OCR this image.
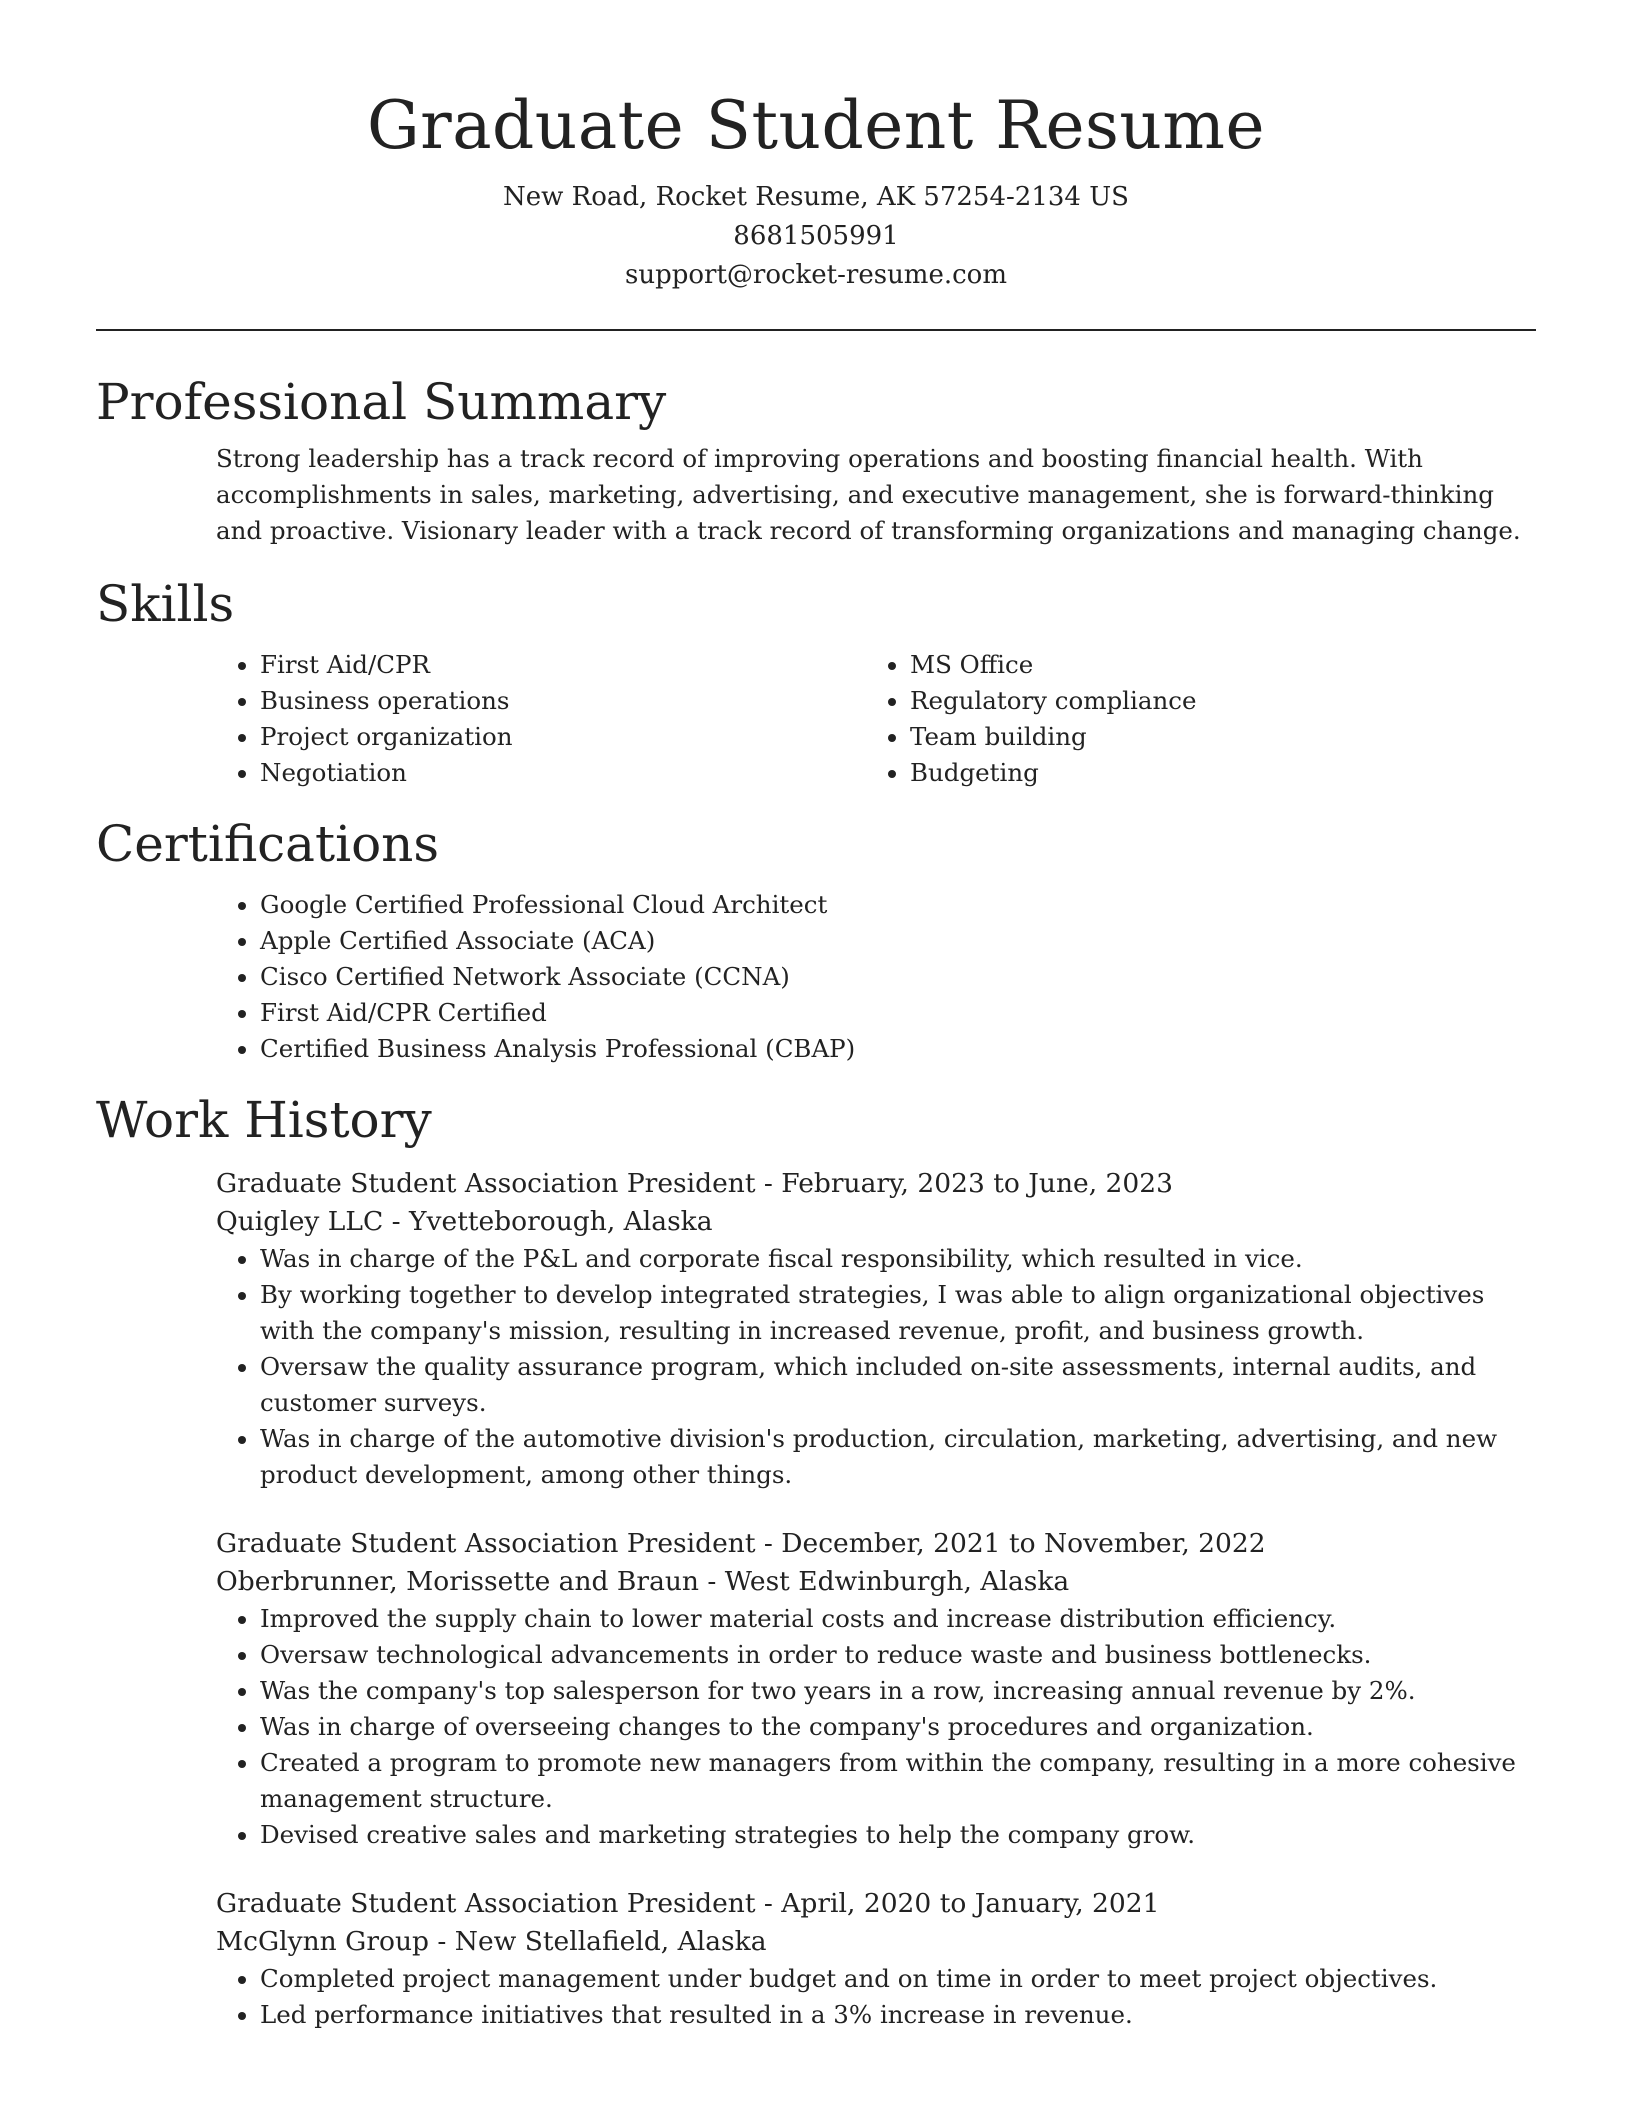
Graduate Student Resume

New Road, Rocket Resume, AK 57254-2134 US

8681505991

support@rocket-resume.com

Professional Summary

Strong leadership has a track record of improving operations and boosting financial health. With accomplishments in sales, marketing, advertising, and executive management, she is forward-thinking and proactive. Visionary leader with a track record of transforming organizations and managing change.

Skills
• First Aid/CPR
• Business operations
• Project organization
• Negotiation
• MS Office
• Regulatory compliance
• Team building
• Budgeting
Certifications
• Google Certified Professional Cloud Architect
• Apple Certified Associate (ACA)
• Cisco Certified Network Associate (CCNA)
• First Aid/CPR Certified
• Certified Business Analysis Professional (CBAP)
Work History

Graduate Student Association President - February, 2023 to June, 2023

Quigley LLC - Yvetteborough, Alaska

• Was in charge of the P&L and corporate fiscal responsibility, which resulted in vice.
• By working together to develop integrated strategies, I was able to align organizational objectives with the company's mission, resulting in increased revenue, profit, and business growth.
• Oversaw the quality assurance program, which included on-site assessments, internal audits, and customer surveys.
• Was in charge of the automotive division's production, circulation, marketing, advertising, and new product development, among other things.

Graduate Student Association President - December, 2021 to November, 2022

Oberbrunner, Morissette and Braun - West Edwinburgh, Alaska

• Improved the supply chain to lower material costs and increase distribution efficiency.
• Oversaw technological advancements in order to reduce waste and business bottlenecks.
• Was the company's top salesperson for two years in a row, increasing annual revenue by 2%.
• Was in charge of overseeing changes to the company's procedures and organization.
• Created a program to promote new managers from within the company, resulting in a more cohesive management structure.
• Devised creative sales and marketing strategies to help the company grow.

Graduate Student Association President - April, 2020 to January, 2021

McGlynn Group - New Stellafield, Alaska

• Completed project management under budget and on time in order to meet project objectives.
• Led performance initiatives that resulted in a 3% increase in revenue.
